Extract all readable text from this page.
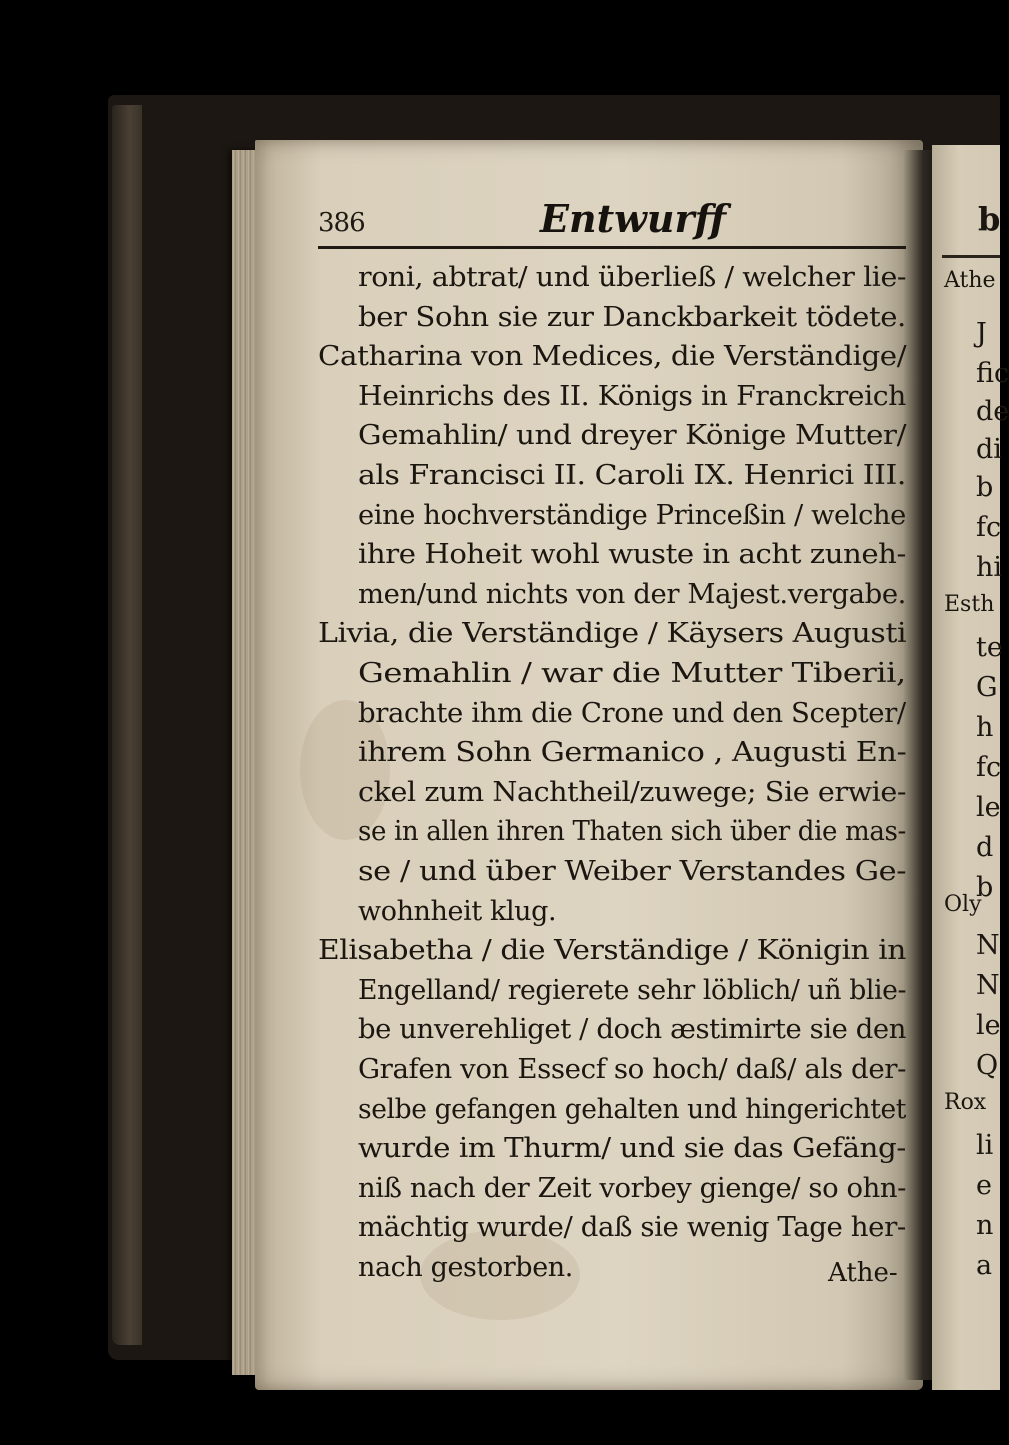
b
386	Entwurff
roni, abtrat/ und überließ / welcher lie-
ber Sohn sie zur Danckbarkeit tödete.
Catharina von Medices, die Verständige/
Heinrichs des II. Königs in Franckreich
Gemahlin/ und dreyer Könige Mutter/
als Francisci II. Caroli IX. Henrici III.
eine hochverständige Princeßin / welche
ihre Hoheit wohl wuste in acht zuneh-
men/und nichts von der Majest.vergabe.
Livia, die Verständige / Käysers Augusti
Gemahlin / war die Mutter Tiberii,
brachte ihm die Crone und den Scepter/
ihrem Sohn Germanico , Augusti En-
ckel zum Nachtheil/zuwege; Sie erwie-
se in allen ihren Thaten sich über die mas-
se / und über Weiber Verstandes Ge-
wohnheit klug.
Elisabetha / die Verständige / Königin in
Engelland/ regierete sehr löblich/ uñ blie-
be unverehliget / doch æstimirte sie den
Grafen von Essecf so hoch/ daß/ als der-
selbe gefangen gehalten und hingerichtet
wurde im Thurm/ und sie das Gefäng-
niß nach der Zeit vorbey gienge/ so ohn-
mächtig wurde/ daß sie wenig Tage her-
nach gestorben.	Athe-
Athe
J
fic
de
di
b
fc
hi
Esth
te
G
h
fc
le
d
b
Oly
N
N
le
Q
Rox
li
e
n
a
